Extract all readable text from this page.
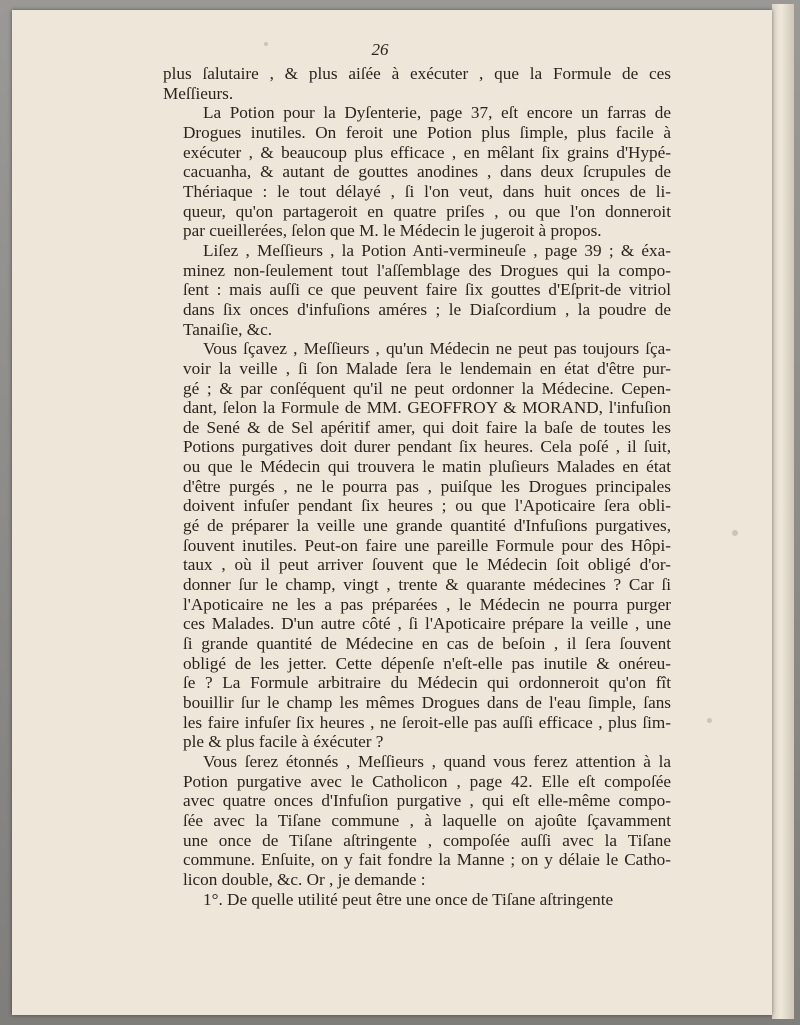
26

plus ſalutaire , & plus aiſée à exécuter , que la Formule de ces
Meſſieurs.

La Potion pour la Dyſenterie, page 37, eſt encore un farras de
Drogues inutiles. On feroit une Potion plus ſimple, plus facile à
exécuter , & beaucoup plus efficace , en mêlant ſix grains d'Hypé-
cacuanha, & autant de gouttes anodines , dans deux ſcrupules de
Thériaque : le tout délayé , ſi l'on veut, dans huit onces de li-
queur, qu'on partageroit en quatre priſes , ou que l'on donneroit
par cueillerées, ſelon que M. le Médecin le jugeroit à propos.

Liſez , Meſſieurs , la Potion Anti-vermineuſe , page 39 ; & éxa-
minez non-ſeulement tout l'aſſemblage des Drogues qui la compo-
ſent : mais auſſi ce que peuvent faire ſix gouttes d'Eſprit-de vitriol
dans ſix onces d'infuſions améres ; le Diaſcordium , la poudre de
Tanaiſie, &c.

Vous ſçavez , Meſſieurs , qu'un Médecin ne peut pas toujours ſça-
voir la veille , ſi ſon Malade ſera le lendemain en état d'être pur-
gé ; & par conſéquent qu'il ne peut ordonner la Médecine. Cepen-
dant, ſelon la Formule de MM. GEOFFROY & MORAND, l'infuſion
de Sené & de Sel apéritif amer, qui doit faire la baſe de toutes les
Potions purgatives doit durer pendant ſix heures. Cela poſé , il ſuit,
ou que le Médecin qui trouvera le matin pluſieurs Malades en état
d'être purgés , ne le pourra pas , puiſque les Drogues principales
doivent infuſer pendant ſix heures ; ou que l'Apoticaire ſera obli-
gé de préparer la veille une grande quantité d'Infuſions purgatives,
ſouvent inutiles. Peut-on faire une pareille Formule pour des Hôpi-
taux , où il peut arriver ſouvent que le Médecin ſoit obligé d'or-
donner ſur le champ, vingt , trente & quarante médecines ? Car ſi
l'Apoticaire ne les a pas préparées , le Médecin ne pourra purger
ces Malades. D'un autre côté , ſi l'Apoticaire prépare la veille , une
ſi grande quantité de Médecine en cas de beſoin , il ſera ſouvent
obligé de les jetter. Cette dépenſe n'eſt-elle pas inutile & onéreu-
ſe ? La Formule arbitraire du Médecin qui ordonneroit qu'on fît
bouillir ſur le champ les mêmes Drogues dans de l'eau ſimple, ſans
les faire infuſer ſix heures , ne ſeroit-elle pas auſſi efficace , plus ſim-
ple & plus facile à éxécuter ?

Vous ſerez étonnés , Meſſieurs , quand vous ferez attention à la
Potion purgative avec le Catholicon , page 42. Elle eſt compoſée
avec quatre onces d'Infuſion purgative , qui eſt elle-même compo-
ſée avec la Tiſane commune , à laquelle on ajoûte ſçavamment
une once de Tiſane aſtringente , compoſée auſſi avec la Tiſane
commune. Enſuite, on y fait fondre la Manne ; on y délaie le Catho-
licon double, &c. Or , je demande :

1°. De quelle utilité peut être une once de Tiſane aſtringente
